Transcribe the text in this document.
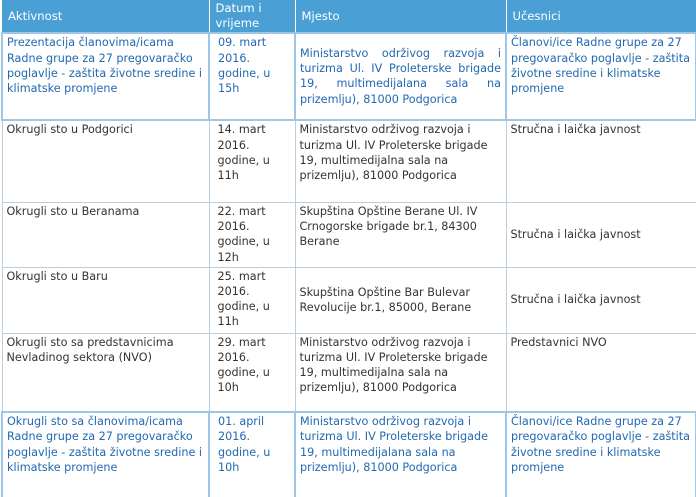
Aktivnost	Datum i vrijeme	Mjesto	Učesnici
Prezentacija članovima/icama Radne grupe za 27 pregovaračko poglavlje - zaštita životne sredine i klimatske promjene	09. mart 2016. godine, u 15h	Ministarstvo održivog razvoja i turizma Ul. IV Proleterske brigade 19, multimedijalana sala na prizemlju), 81000 Podgorica	Članovi/ice Radne grupe za 27 pregovaračko poglavlje - zaštita životne sredine i klimatske promjene
Okrugli sto u Podgorici	14. mart 2016. godine, u 11h	Ministarstvo održivog razvoja i turizma Ul. IV Proleterske brigade 19, multimedijalna sala na prizemlju), 81000 Podgorica	Stručna i laička javnost
Okrugli sto u Beranama	22. mart 2016. godine, u 12h	Skupština Opštine Berane Ul. IV Crnogorske brigade br.1, 84300 Berane	Stručna i laička javnost
Okrugli sto u Baru	25. mart 2016. godine, u 11h	Skupština Opštine Bar Bulevar Revolucije br.1, 85000, Berane	Stručna i laička javnost
Okrugli sto sa predstavnicima Nevladinog sektora (NVO)	29. mart 2016. godine, u 10h	Ministarstvo održivog razvoja i turizma Ul. IV Proleterske brigade 19, multimedijalna sala na prizemlju), 81000 Podgorica	Predstavnici NVO
Okrugli sto sa članovima/icama Radne grupe za 27 pregovaračko poglavlje - zaštita životne sredine i klimatske promjene	01. april 2016. godine, u 10h	Ministarstvo održivog razvoja i turizma Ul. IV Proleterske brigade 19, multimedijalana sala na prizemlju), 81000 Podgorica	Članovi/ice Radne grupe za 27 pregovaračko poglavlje - zaštita životne sredine i klimatske promjene
